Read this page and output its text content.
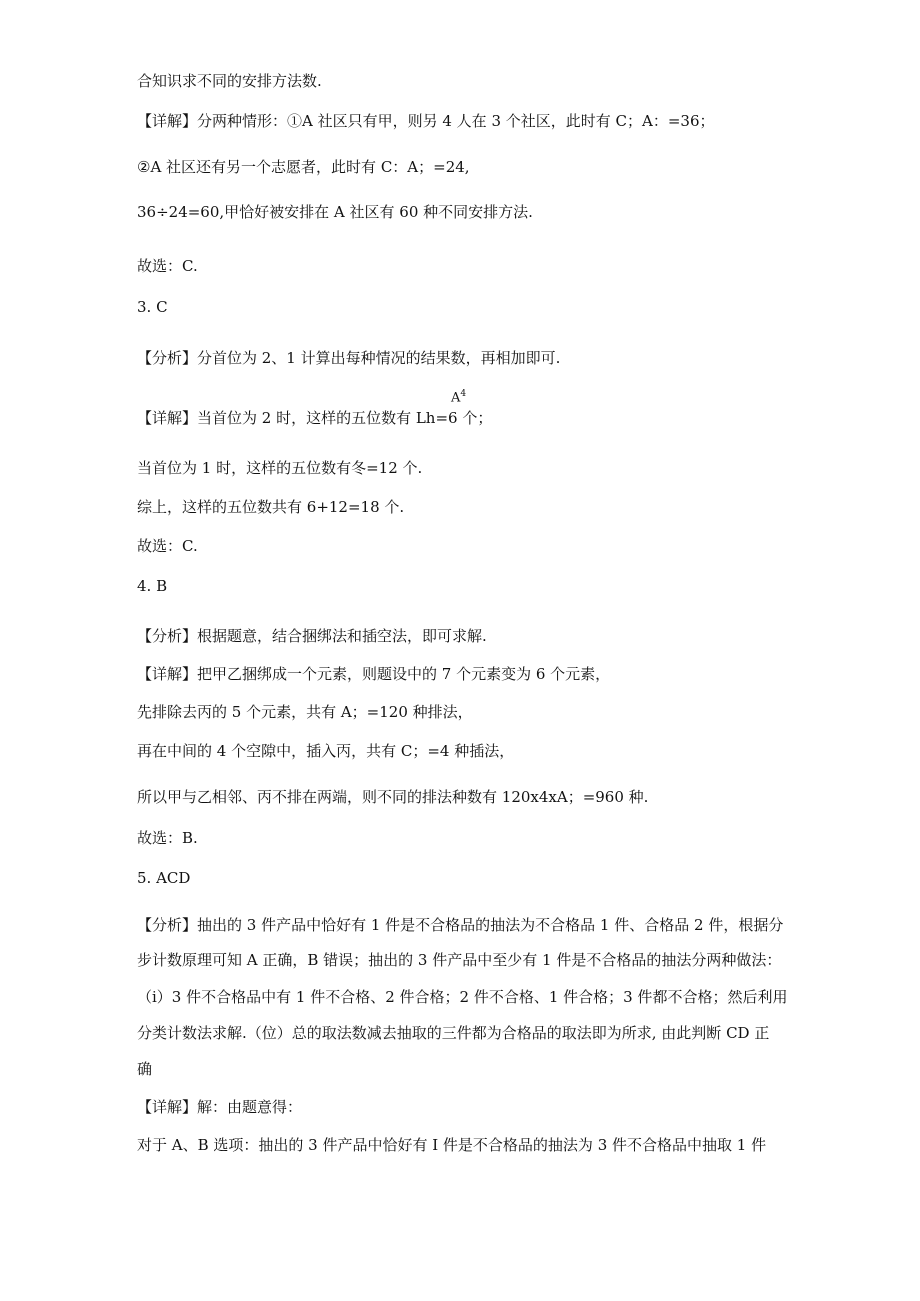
合知识求不同的安排方法数.
【详解】分两种情形：①A 社区只有甲，则另 4 人在 3 个社区，此时有 C；A：=36；
②A 社区还有另一个志愿者，此时有 C：A；=24,
36÷24=60,甲恰好被安排在 A 社区有 60 种不同安排方法.
故选：C.
3. C
【分析】分首位为 2、1 计算出每种情况的结果数，再相加即可.
$A^4$
【详解】当首位为 2 时，这样的五位数有 Lh=6 个；
当首位为 1 时，这样的五位数有冬=12 个.
综上，这样的五位数共有 6+12=18 个.
故选：C.
4. B
【分析】根据题意，结合捆绑法和插空法，即可求解.
【详解】把甲乙捆绑成一个元素，则题设中的 7 个元素变为 6 个元素，
先排除去丙的 5 个元素，共有 A；=120 种排法，
再在中间的 4 个空隙中，插入丙，共有 C；=4 种插法，
所以甲与乙相邻、丙不排在两端，则不同的排法种数有 120x4xA；=960 种.
故选：B.
5. ACD
【分析】抽出的 3 件产品中恰好有 1 件是不合格品的抽法为不合格品 1 件、合格品 2 件，根据分
步计数原理可知 A 正确，B 错误；抽出的 3 件产品中至少有 1 件是不合格品的抽法分两种做法：
（i）3 件不合格品中有 1 件不合格、2 件合格；2 件不合格、1 件合格；3 件都不合格；然后利用
分类计数法求解.（位）总的取法数减去抽取的三件都为合格品的取法即为所求, 由此判断 CD 正
确
【详解】解：由题意得：
对于 A、B 选项：抽出的 3 件产品中恰好有 I 件是不合格品的抽法为 3 件不合格品中抽取 1 件
